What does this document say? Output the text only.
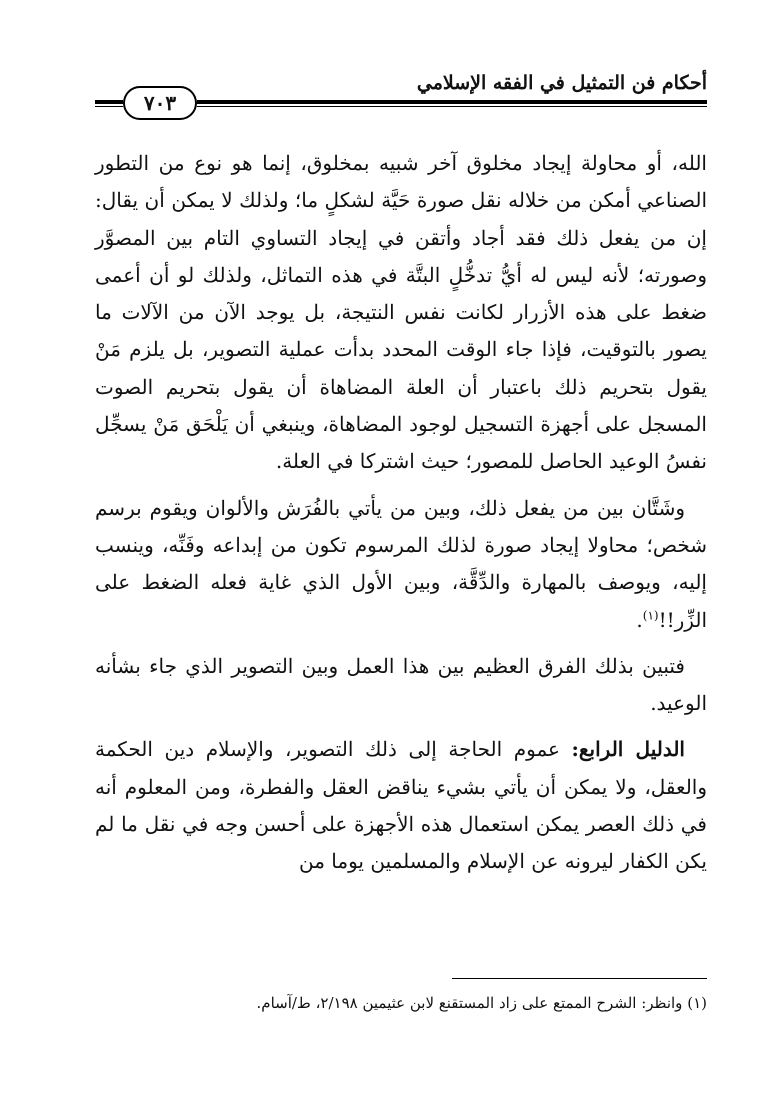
أحكام فن التمثيل في الفقه الإسلامي
٧٠٣

الله، أو محاولة إيجاد مخلوق آخر شبيه بمخلوق، إنما هو نوع من التطور الصناعي أمكن من خلاله نقل صورة حَيَّة لشكلٍ ما؛ ولذلك لا يمكن أن يقال: إن من يفعل ذلك فقد أجاد وأتقن في إيجاد التساوي التام بين المصوَّر وصورته؛ لأنه ليس له أيُّ تدخُّلٍ البتَّة في هذه التماثل، ولذلك لو أن أعمى ضغط على هذه الأزرار لكانت نفس النتيجة، بل يوجد الآن من الآلات ما يصور بالتوقيت، فإذا جاء الوقت المحدد بدأت عملية التصوير، بل يلزم مَنْ يقول بتحريم ذلك باعتبار أن العلة المضاهاة أن يقول بتحريم الصوت المسجل على أجهزة التسجيل لوجود المضاهاة، وينبغي أن يَلْحَق مَنْ يسجِّل نفسُ الوعيد الحاصل للمصور؛ حيث اشتركا في العلة.

وشَتَّان بين من يفعل ذلك، وبين من يأتي بالفُرَش والألوان ويقوم برسم شخص؛ محاولا إيجاد صورة لذلك المرسوم تكون من إبداعه وفَنِّه، وينسب إليه، ويوصف بالمهارة والدِّقَّة، وبين الأول الذي غاية فعله الضغط على الزِّر!!$^{(١)}$.

فتبين بذلك الفرق العظيم بين هذا العمل وبين التصوير الذي جاء بشأنه الوعيد.

الدليل الرابع: عموم الحاجة إلى ذلك التصوير، والإسلام دين الحكمة والعقل، ولا يمكن أن يأتي بشيء يناقض العقل والفطرة، ومن المعلوم أنه في ذلك العصر يمكن استعمال هذه الأجهزة على أحسن وجه في نقل ما لم يكن الكفار ليرونه عن الإسلام والمسلمين يوما من

(١) وانظر: الشرح الممتع على زاد المستقنع لابن عثيمين ٢/١٩٨، ط/آسام.
